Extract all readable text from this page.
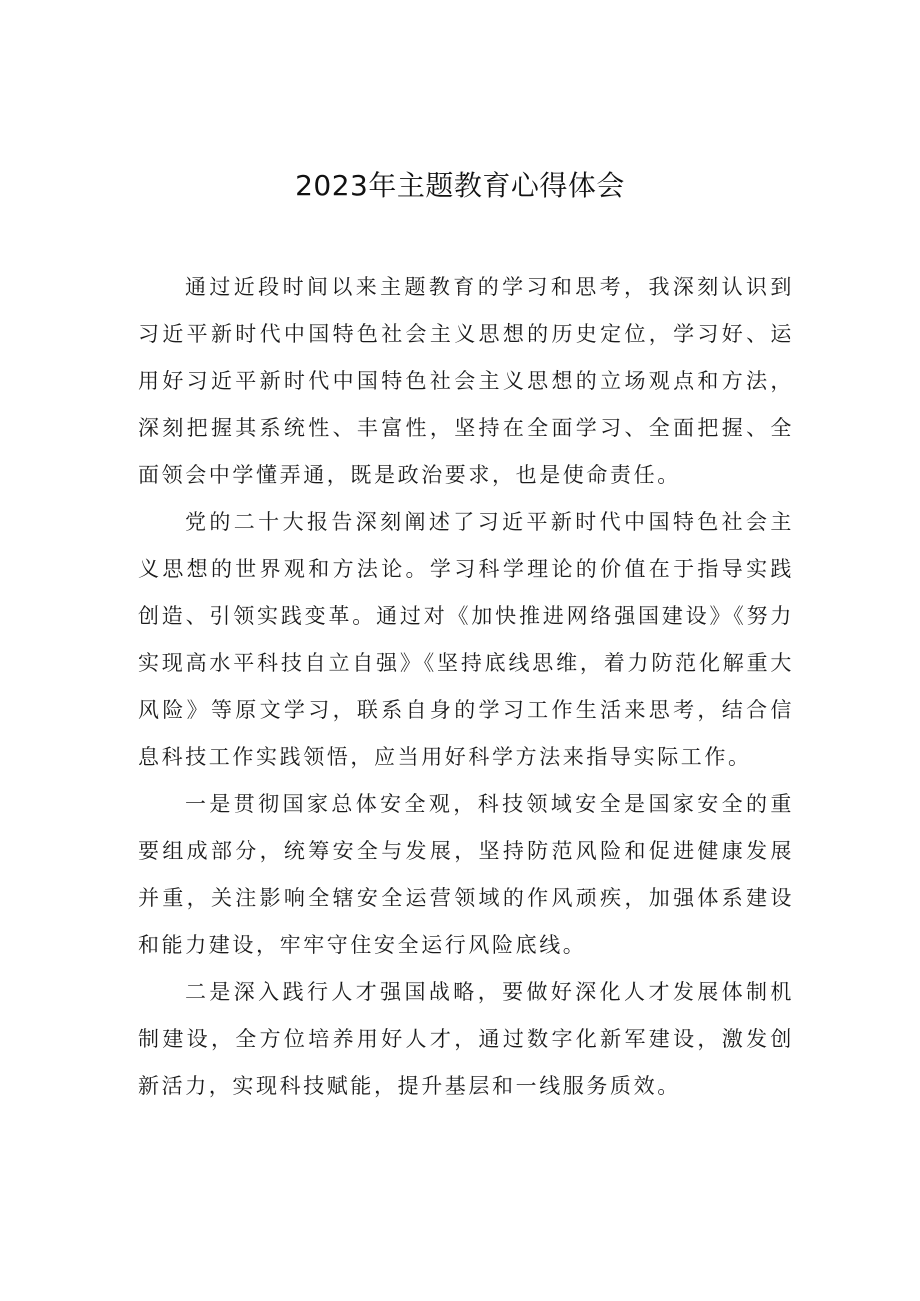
2023年主题教育心得体会

通过近段时间以来主题教育的学习和思考，我深刻认识到习近平新时代中国特色社会主义思想的历史定位，学习好、运用好习近平新时代中国特色社会主义思想的立场观点和方法，深刻把握其系统性、丰富性，坚持在全面学习、全面把握、全面领会中学懂弄通，既是政治要求，也是使命责任。

党的二十大报告深刻阐述了习近平新时代中国特色社会主义思想的世界观和方法论。学习科学理论的价值在于指导实践创造、引领实践变革。通过对《加快推进网络强国建设》《努力实现高水平科技自立自强》《坚持底线思维，着力防范化解重大风险》等原文学习，联系自身的学习工作生活来思考，结合信息科技工作实践领悟，应当用好科学方法来指导实际工作。

一是贯彻国家总体安全观，科技领域安全是国家安全的重要组成部分，统筹安全与发展，坚持防范风险和促进健康发展并重，关注影响全辖安全运营领域的作风顽疾，加强体系建设和能力建设，牢牢守住安全运行风险底线。

二是深入践行人才强国战略，要做好深化人才发展体制机制建设，全方位培养用好人才，通过数字化新军建设，激发创新活力，实现科技赋能，提升基层和一线服务质效。
